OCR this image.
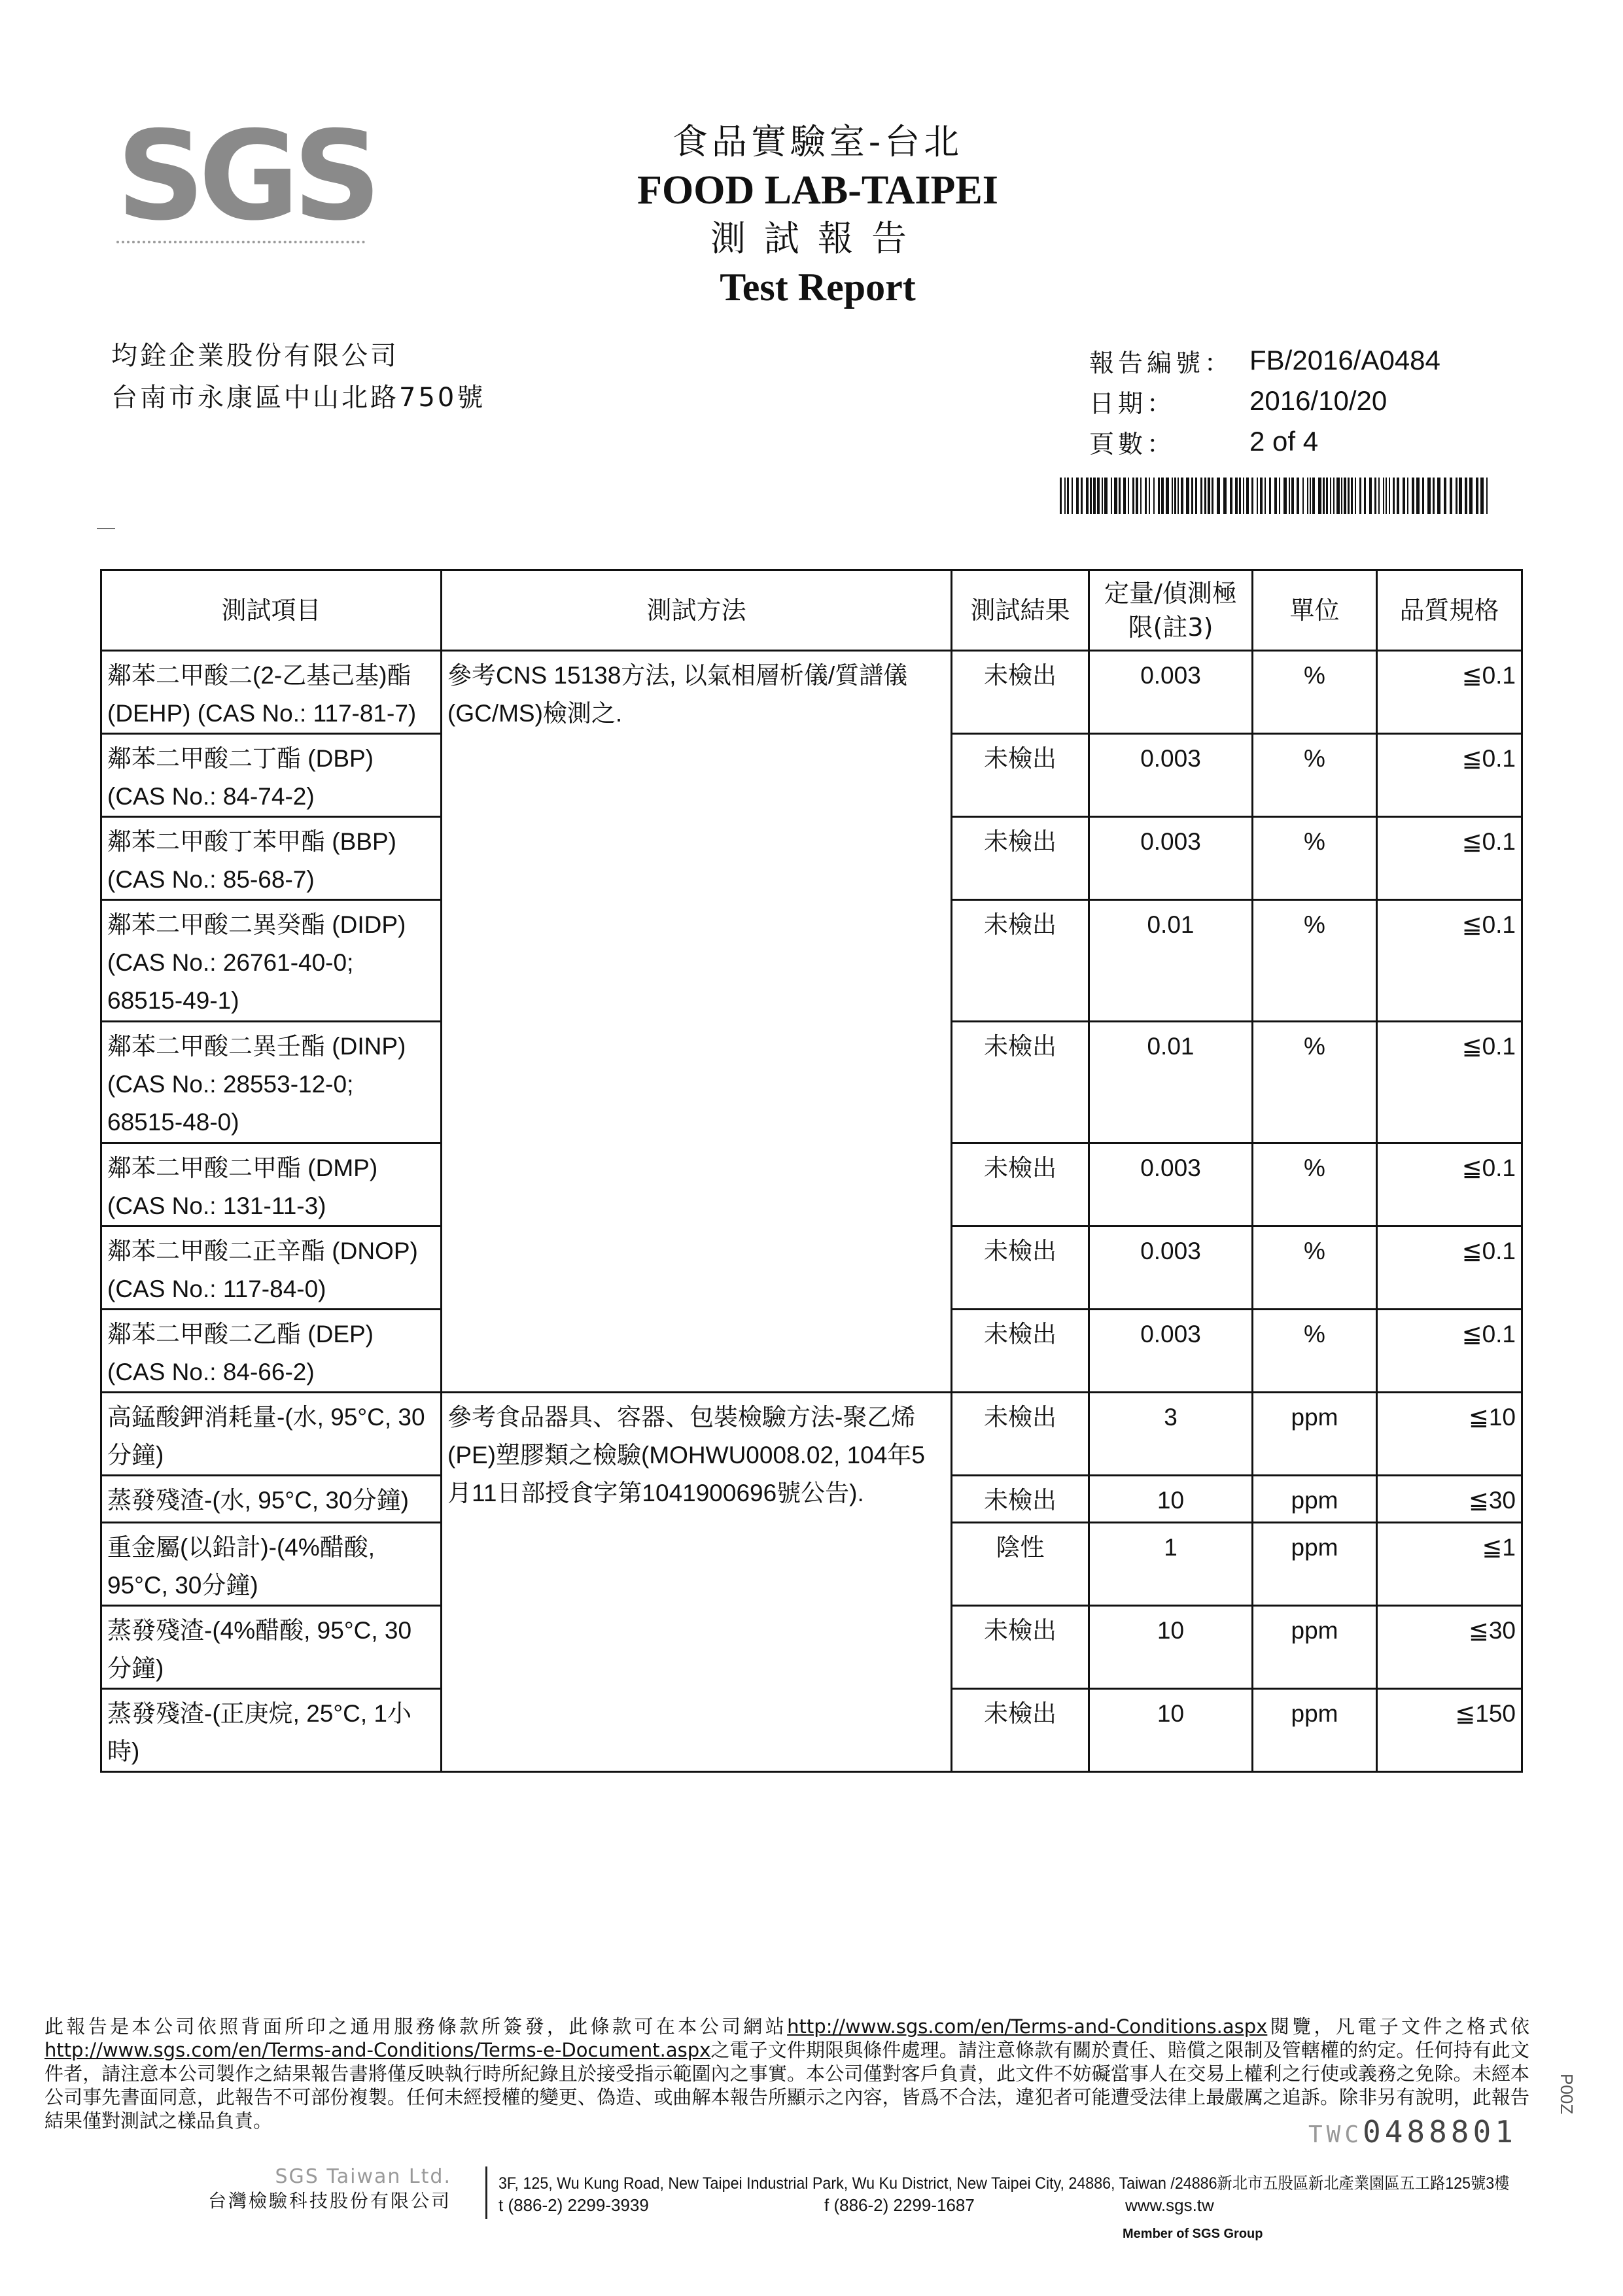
SGS	食品實驗室-台北
FOOD LAB-TAIPEI
測試報告
Test Report
均銓企業股份有限公司
台南市永康區中山北路750號
報告編號： FB/2016/A0484
日期：	2016/10/20
頁數：	2 of 4
—
測試項目	測試方法	測試結果	定量/偵測極限(註3)	單位	品質規格
鄰苯二甲酸二(2-乙基己基)酯 (DEHP) (CAS No.: 117-81-7)	參考CNS 15138方法, 以氣相層析儀/質譜儀(GC/MS)檢測之.	未檢出	0.003	%	≦0.1
鄰苯二甲酸二丁酯 (DBP) (CAS No.: 84-74-2)		未檢出	0.003	%	≦0.1
鄰苯二甲酸丁苯甲酯 (BBP) (CAS No.: 85-68-7)		未檢出	0.003	%	≦0.1
鄰苯二甲酸二異癸酯 (DIDP) (CAS No.: 26761-40-0; 68515-49-1)		未檢出	0.01	%	≦0.1
鄰苯二甲酸二異壬酯 (DINP) (CAS No.: 28553-12-0; 68515-48-0)		未檢出	0.01	%	≦0.1
鄰苯二甲酸二甲酯 (DMP) (CAS No.: 131-11-3)		未檢出	0.003	%	≦0.1
鄰苯二甲酸二正辛酯 (DNOP) (CAS No.: 117-84-0)		未檢出	0.003	%	≦0.1
鄰苯二甲酸二乙酯 (DEP) (CAS No.: 84-66-2)		未檢出	0.003	%	≦0.1
高錳酸鉀消耗量-(水, 95°C, 30分鐘)	參考食品器具、容器、包裝檢驗方法-聚乙烯(PE)塑膠類之檢驗(MOHWU0008.02, 104年5月11日部授食字第1041900696號公告).	未檢出	3	ppm	≦10
蒸發殘渣-(水, 95°C, 30分鐘)		未檢出	10	ppm	≦30
重金屬(以鉛計)-(4%醋酸, 95°C, 30分鐘)		陰性	1	ppm	≦1
蒸發殘渣-(4%醋酸, 95°C, 30分鐘)		未檢出	10	ppm	≦30
蒸發殘渣-(正庚烷, 25°C, 1小時)		未檢出	10	ppm	≦150
此報告是本公司依照背面所印之通用服務條款所簽發，此條款可在本公司網站http://www.sgs.com/en/Terms-and-Conditions.aspx閱覽，凡電子文件之格式依http://www.sgs.com/en/Terms-and-Conditions/Terms-e-Document.aspx之電子文件期限與條件處理。請注意條款有關於責任、賠償之限制及管轄權的約定。任何持有此文件者，請注意本公司製作之結果報告書將僅反映執行時所紀錄且於接受指示範圍內之事實。本公司僅對客戶負責，此文件不妨礙當事人在交易上權利之行使或義務之免除。未經本公司事先書面同意，此報告不可部份複製。任何未經授權的變更、偽造、或曲解本報告所顯示之內容，皆爲不合法，違犯者可能遭受法律上最嚴厲之追訴。除非另有說明，此報告結果僅對測試之樣品負責。
TWC0488801
P00Z
SGS Taiwan Ltd.
台灣檢驗科技股份有限公司
3F, 125, Wu Kung Road, New Taipei Industrial Park, Wu Ku District, New Taipei City, 24886, Taiwan /24886新北市五股區新北產業園區五工路125號3樓
t (886-2) 2299-3939	f (886-2) 2299-1687	www.sgs.tw
Member of SGS Group
